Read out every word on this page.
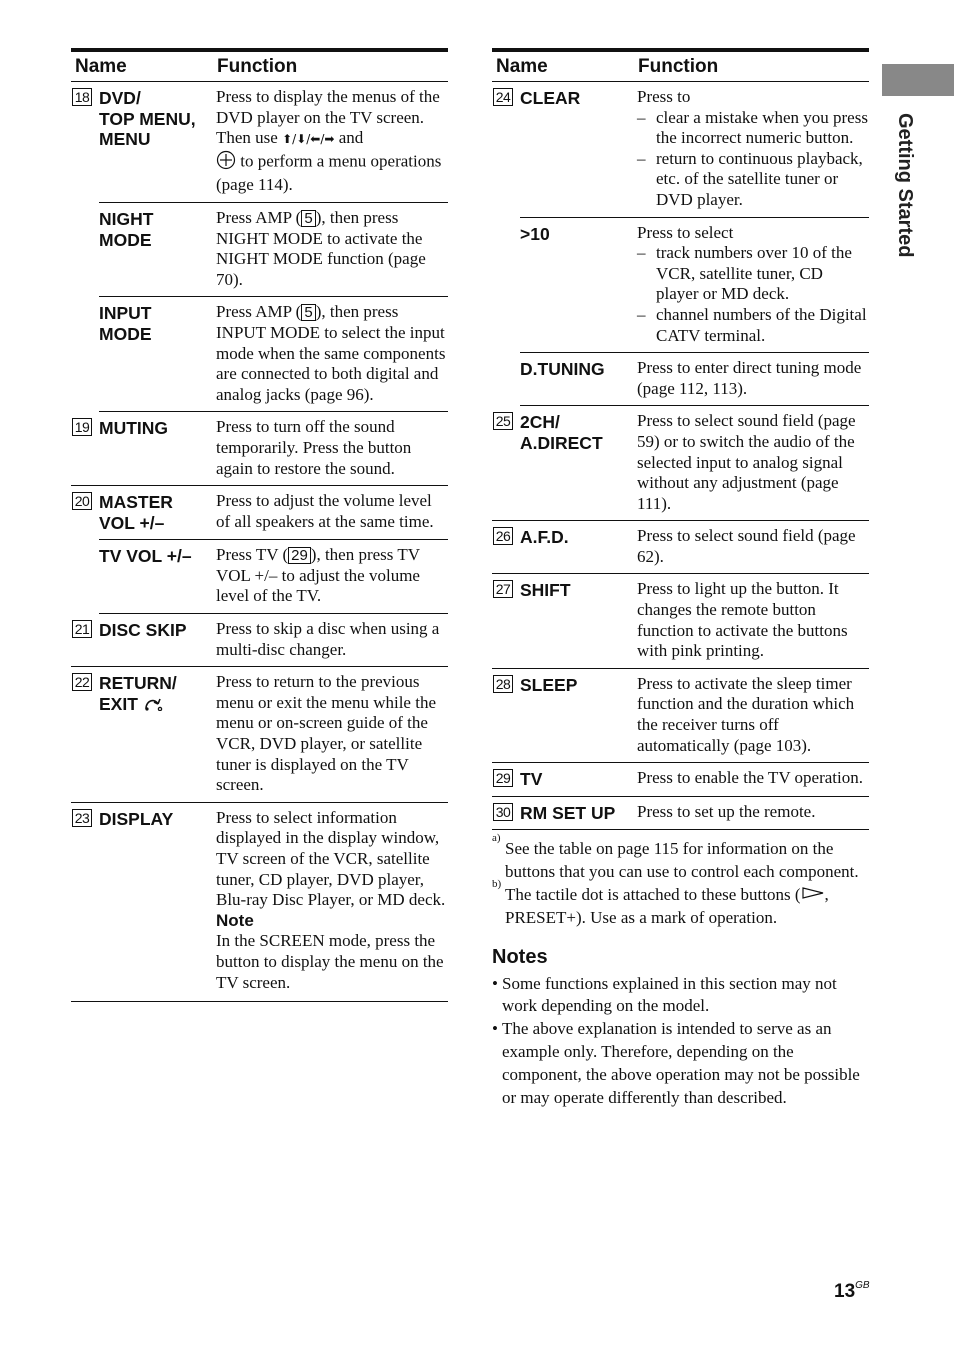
Name		Function
18	DVD/
TOP MENU,
MENU	Press to display the menus of the DVD player on the TV screen. Then use ⬆/⬇/⬅/➡ and
to perform a menu operations (page 114).
	NIGHT
MODE	Press AMP ( 5 ), then press NIGHT MODE to activate the NIGHT MODE function (page 70).
	INPUT
MODE	Press AMP ( 5 ), then press INPUT MODE to select the input mode when the same components are connected to both digital and analog jacks (page 96).
19	MUTING	Press to turn off the sound temporarily. Press the button again to restore the sound.
20	MASTER
VOL +/–	Press to adjust the volume level of all speakers at the same time.
	TV VOL +/–	Press TV ( 29 ), then press TV VOL +/– to adjust the volume level of the TV.
21	DISC SKIP	Press to skip a disc when using a multi-disc changer.
22	RETURN/
EXIT	Press to return to the previous menu or exit the menu while the menu or on-screen guide of the VCR, DVD player, or satellite tuner is displayed on the TV screen.
23	DISPLAY	Press to select information displayed in the display window, TV screen of the VCR, satellite tuner, CD player, DVD player, Blu-ray Disc Player, or MD deck.
Note
In the SCREEN mode, press the button to display the menu on the TV screen.
Name		Function
24	CLEAR	Press to
– clear a mistake when you press the incorrect numeric button.
– return to continuous playback, etc. of the satellite tuner or DVD player.

	>10	Press to select
– track numbers over 10 of the VCR, satellite tuner, CD player or MD deck.
– channel numbers of the Digital CATV terminal.

	D.TUNING	Press to enter direct tuning mode (page 112, 113).
25	2CH/
A.DIRECT	Press to select sound field (page 59) or to switch the audio of the selected input to analog signal without any adjustment (page 111).
26	A.F.D.	Press to select sound field (page 62).
27	SHIFT	Press to light up the button. It changes the remote button function to activate the buttons with pink printing.
28	SLEEP	Press to activate the sleep timer function and the duration which the receiver turns off automatically (page 103).
29	TV	Press to enable the TV operation.
30	RM SET UP	Press to set up the remote.
a)
See the table on page 115 for information on the buttons that you can use to control each component.
b)
The tactile dot is attached to these buttons ( , PRESET+). Use as a mark of operation.
Notes
• Some functions explained in this section may not work depending on the model.
• The above explanation is intended to serve as an example only. Therefore, depending on the component, the above operation may not be possible or may operate differently than described.
Getting Started
$13^{GB}$
